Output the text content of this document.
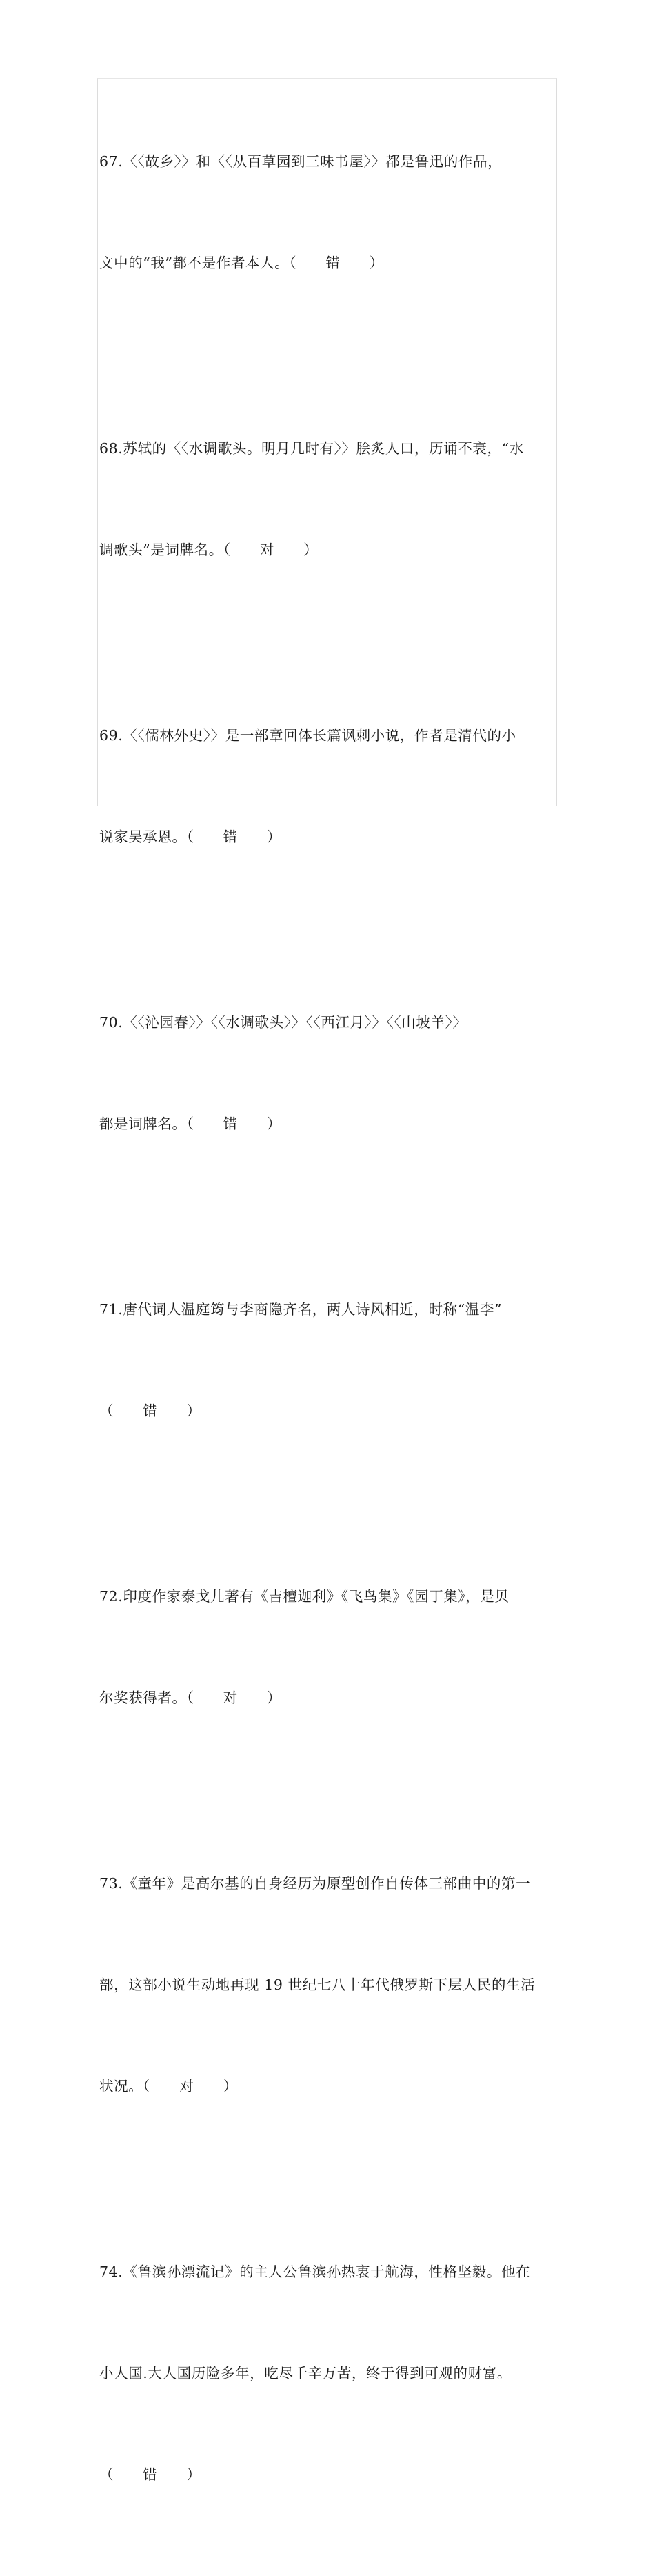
67.〈〈故乡〉〉和〈〈从百草园到三味书屋〉〉都是鲁迅的作品，

文中的“我”都不是作者本人。（　　错　　）

68.苏轼的〈〈水调歌头。明月几时有〉〉脍炙人口，历诵不衰，“水

调歌头”是词牌名。（　　对　　）

69.〈〈儒林外史〉〉是一部章回体长篇讽刺小说，作者是清代的小

说家吴承恩。（　　错　　）

70.〈〈沁园春〉〉〈〈水调歌头〉〉〈〈西江月〉〉〈〈山坡羊〉〉

都是词牌名。（　　错　　）

71.唐代词人温庭筠与李商隐齐名，两人诗风相近，时称“温李”

（　　错　　）

72.印度作家泰戈儿著有《吉檀迦利》《飞鸟集》《园丁集》，是贝

尔奖获得者。（　　对　　）

73.《童年》是高尔基的自身经历为原型创作自传体三部曲中的第一

部，这部小说生动地再现 19 世纪七八十年代俄罗斯下层人民的生活

状况。（　　对　　）

74.《鲁滨孙漂流记》的主人公鲁滨孙热衷于航海，性格坚毅。他在

小人国.大人国历险多年，吃尽千辛万苦，终于得到可观的财富。

（　　错　　）
